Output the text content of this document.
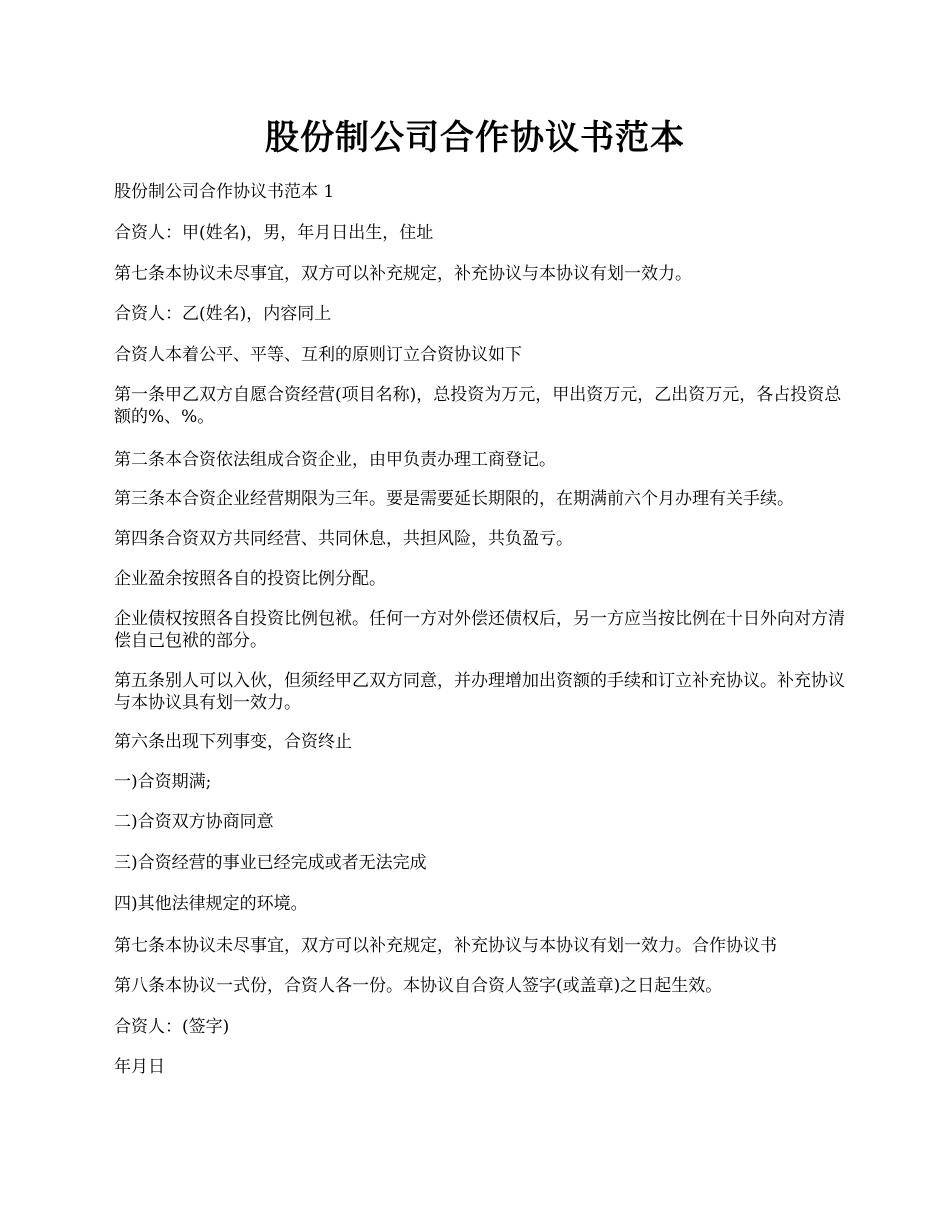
股份制公司合作协议书范本

股份制公司合作协议书范本 1

合资人：甲(姓名)，男，年月日出生，住址

第七条本协议未尽事宜，双方可以补充规定，补充协议与本协议有划一效力。

合资人：乙(姓名)，内容同上

合资人本着公平、平等、互利的原则订立合资协议如下

第一条甲乙双方自愿合资经营(项目名称)，总投资为万元，甲出资万元，乙出资万元，各占投资总额的%、%。

第二条本合资依法组成合资企业，由甲负责办理工商登记。

第三条本合资企业经营期限为三年。要是需要延长期限的，在期满前六个月办理有关手续。

第四条合资双方共同经营、共同休息，共担风险，共负盈亏。

企业盈余按照各自的投资比例分配。

企业债权按照各自投资比例包袱。任何一方对外偿还债权后，另一方应当按比例在十日外向对方清偿自己包袱的部分。

第五条别人可以入伙，但须经甲乙双方同意，并办理增加出资额的手续和订立补充协议。补充协议与本协议具有划一效力。

第六条出现下列事变，合资终止

一)合资期满;

二)合资双方协商同意

三)合资经营的事业已经完成或者无法完成

四)其他法律规定的环境。

第七条本协议未尽事宜，双方可以补充规定，补充协议与本协议有划一效力。合作协议书

第八条本协议一式份，合资人各一份。本协议自合资人签字(或盖章)之日起生效。

合资人：(签字)

年月日
